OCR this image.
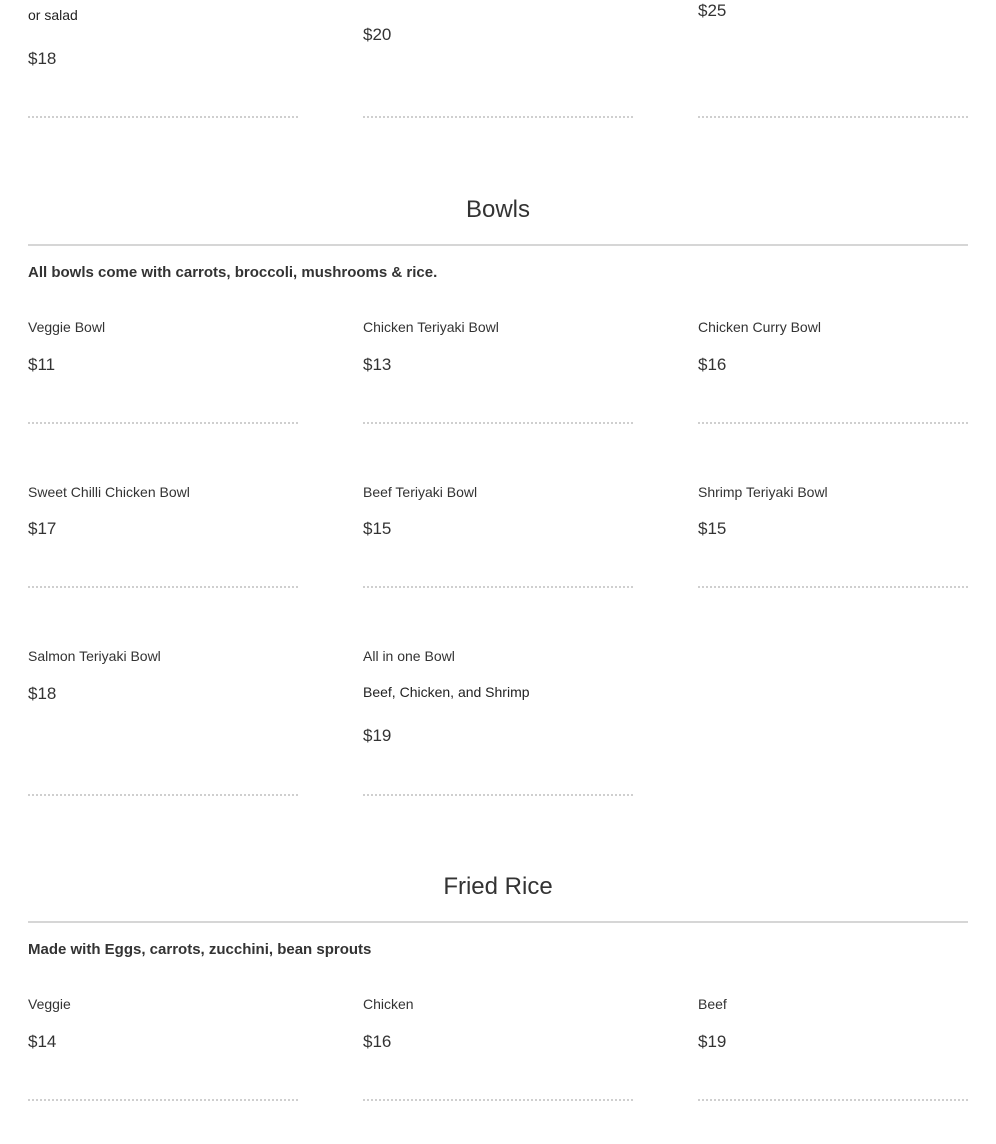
or salad
$18
$20
$25
Bowls
All bowls come with carrots, broccoli, mushrooms & rice.
Veggie Bowl
$11
Chicken Teriyaki Bowl
$13
Chicken Curry Bowl
$16
Sweet Chilli Chicken Bowl
$17
Beef Teriyaki Bowl
$15
Shrimp Teriyaki Bowl
$15
Salmon Teriyaki Bowl
$18
All in one Bowl
Beef, Chicken, and Shrimp
$19
Fried Rice
Made with Eggs, carrots, zucchini, bean sprouts
Veggie
$14
Chicken
$16
Beef
$19
